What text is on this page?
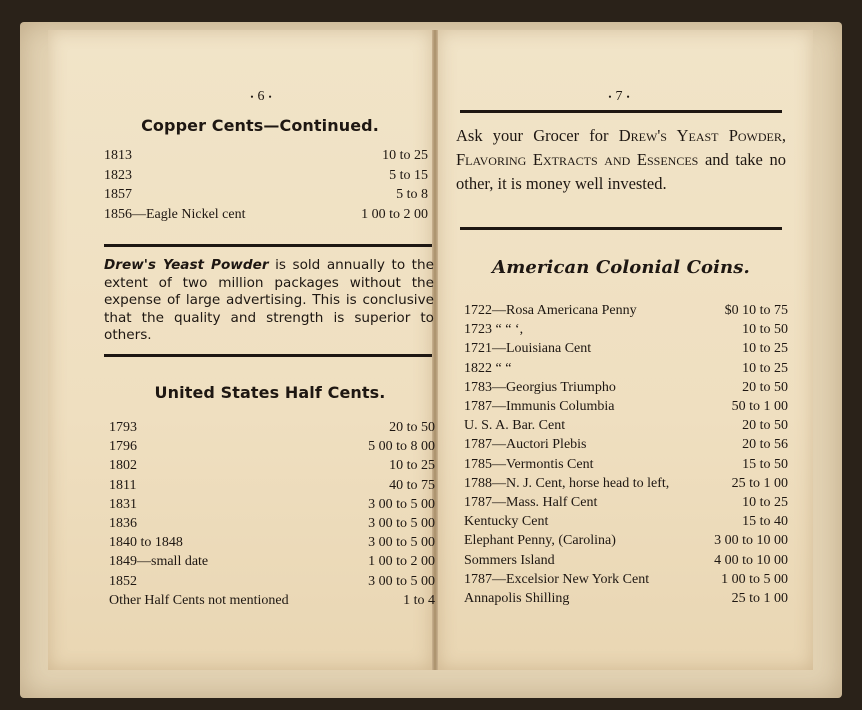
• 6 •
Copper Cents—Continued.
1813	10 to 25
1823	5 to 15
1857	5 to 8
1856—Eagle Nickel cent	1 00 to 2 00
Drew's Yeast Powder is sold annually to the extent of two million packages without the expense of large advertising. This is conclusive that the quality and strength is superior to others.
United States Half Cents.
1793	20 to 50
1796	5 00 to 8 00
1802	10 to 25
1811	40 to 75
1831	3 00 to 5 00
1836	3 00 to 5 00
1840 to 1848	3 00 to 5 00
1849—small date	1 00 to 2 00
1852	3 00 to 5 00
Other Half Cents not mentioned	1 to 4
• 7 •
Ask your Grocer for Drew's Yeast Powder, Flavoring Extracts and Essences and take no other, it is money well invested.
American Colonial Coins.
1722—Rosa Americana Penny	$0 10 to 75
1723 “ “ ‘,	10 to 50
1721—Louisiana Cent	10 to 25
1822 “ “	10 to 25
1783—Georgius Triumpho	20 to 50
1787—Immunis Columbia	50 to 1 00
U. S. A. Bar. Cent	20 to 50
1787—Auctori Plebis	20 to 56
1785—Vermontis Cent	15 to 50
1788—N. J. Cent, horse head to left,	25 to 1 00
1787—Mass. Half Cent	10 to 25
Kentucky Cent	15 to 40
Elephant Penny, (Carolina)	3 00 to 10 00
Sommers Island	4 00 to 10 00
1787—Excelsior New York Cent	1 00 to 5 00
Annapolis Shilling	25 to 1 00
